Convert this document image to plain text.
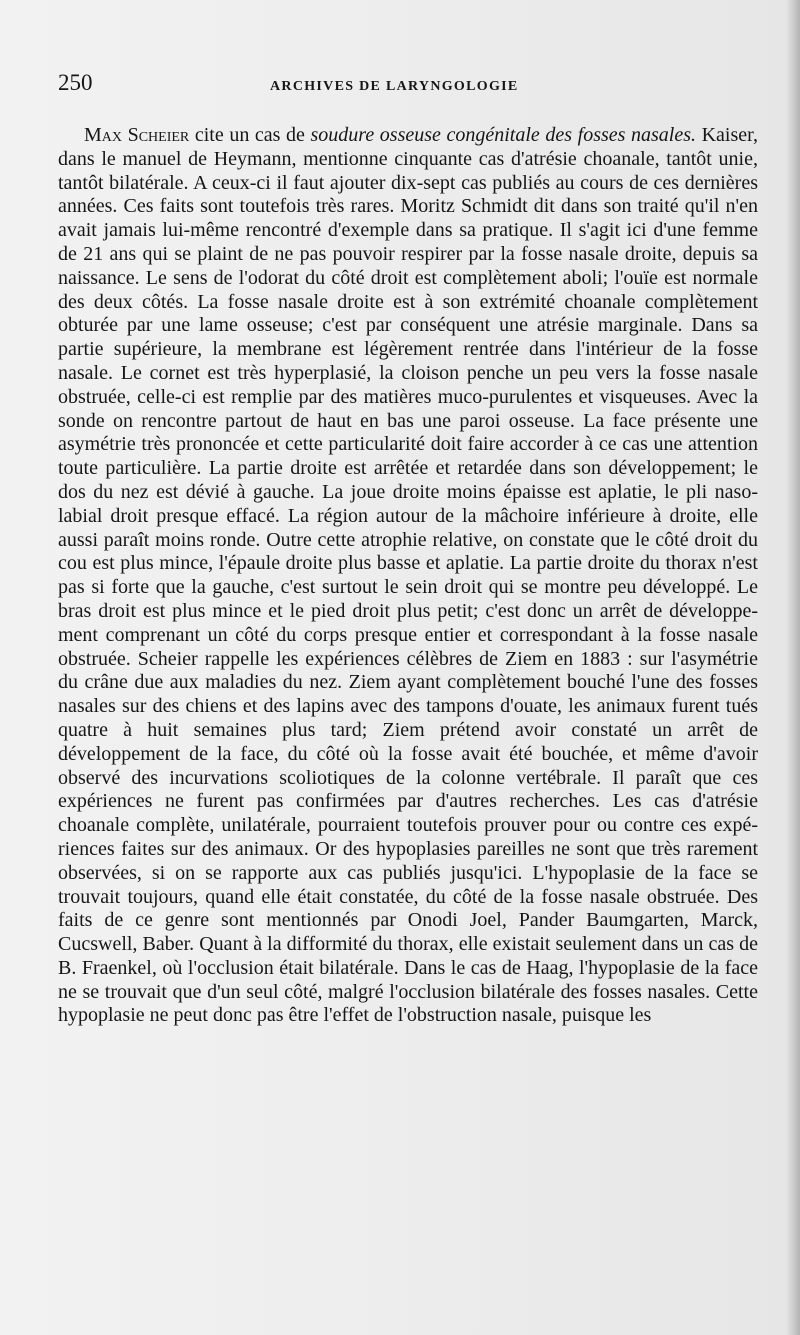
250	ARCHIVES DE LARYNGOLOGIE

Max Scheier cite un cas de soudure osseuse congénitale des fosses nasales. Kaiser, dans le manuel de Heymann, mentionne cinquante cas d'atrésie choanale, tantôt unie, tantôt bilatérale. A ceux-ci il faut ajouter dix-sept cas publiés au cours de ces dernières années. Ces faits sont toutefois très rares. Moritz Schmidt dit dans son traité qu'il n'en avait jamais lui-même rencontré d'exemple dans sa pratique. Il s'agit ici d'une femme de 21 ans qui se plaint de ne pas pouvoir respirer par la fosse nasale droite, depuis sa naissance. Le sens de l'odorat du côté droit est complètement aboli; l'ouïe est normale des deux côtés. La fosse nasale droite est à son extrémité choanale complètement obturée par une lame osseuse; c'est par conséquent une atrésie marginale. Dans sa partie supérieure, la membrane est légèrement rentrée dans l'intérieur de la fosse nasale. Le cornet est très hyperplasié, la cloison penche un peu vers la fosse nasale obstruée, celle-ci est remplie par des matières muco-purulentes et visqueuses. Avec la sonde on rencontre partout de haut en bas une paroi osseuse. La face présente une asymétrie très prononcée et cette particularité doit faire accorder à ce cas une attention toute particulière. La partie droite est arrêtée et retardée dans son développement; le dos du nez est dévié à gauche. La joue droite moins épaisse est aplatie, le pli naso-labial droit presque effacé. La région autour de la mâchoire inférieure à droite, elle aussi paraît moins ronde. Outre cette atrophie relative, on constate que le côté droit du cou est plus mince, l'épaule droite plus basse et aplatie. La partie droite du thorax n'est pas si forte que la gauche, c'est surtout le sein droit qui se montre peu développé. Le bras droit est plus mince et le pied droit plus petit; c'est donc un arrêt de développement comprenant un côté du corps presque entier et correspondant à la fosse nasale obstruée. Scheier rappelle les expériences célèbres de Ziem en 1883 : sur l'asymétrie du crâne due aux maladies du nez. Ziem ayant complètement bouché l'une des fosses nasales sur des chiens et des lapins avec des tampons d'ouate, les animaux furent tués quatre à huit semaines plus tard; Ziem prétend avoir constaté un arrêt de développement de la face, du côté où la fosse avait été bouchée, et même d'avoir observé des incurvations scoliotiques de la colonne vertébrale. Il paraît que ces expériences ne furent pas confirmées par d'autres recherches. Les cas d'atrésie choanale complète, unilatérale, pourraient toutefois prouver pour ou contre ces expériences faites sur des animaux. Or des hypoplasies pareilles ne sont que très rarement observées, si on se rapporte aux cas publiés jusqu'ici. L'hypoplasie de la face se trouvait toujours, quand elle était constatée, du côté de la fosse nasale obstruée. Des faits de ce genre sont mentionnés par Onodi Joel, Pander Baumgarten, Marck, Cucswell, Baber. Quant à la difformité du thorax, elle existait seulement dans un cas de B. Fraenkel, où l'occlusion était bilatérale. Dans le cas de Haag, l'hypoplasie de la face ne se trouvait que d'un seul côté, malgré l'occlusion bilatérale des fosses nasales. Cette hypoplasie ne peut donc pas être l'effet de l'obstruction nasale, puisque les
